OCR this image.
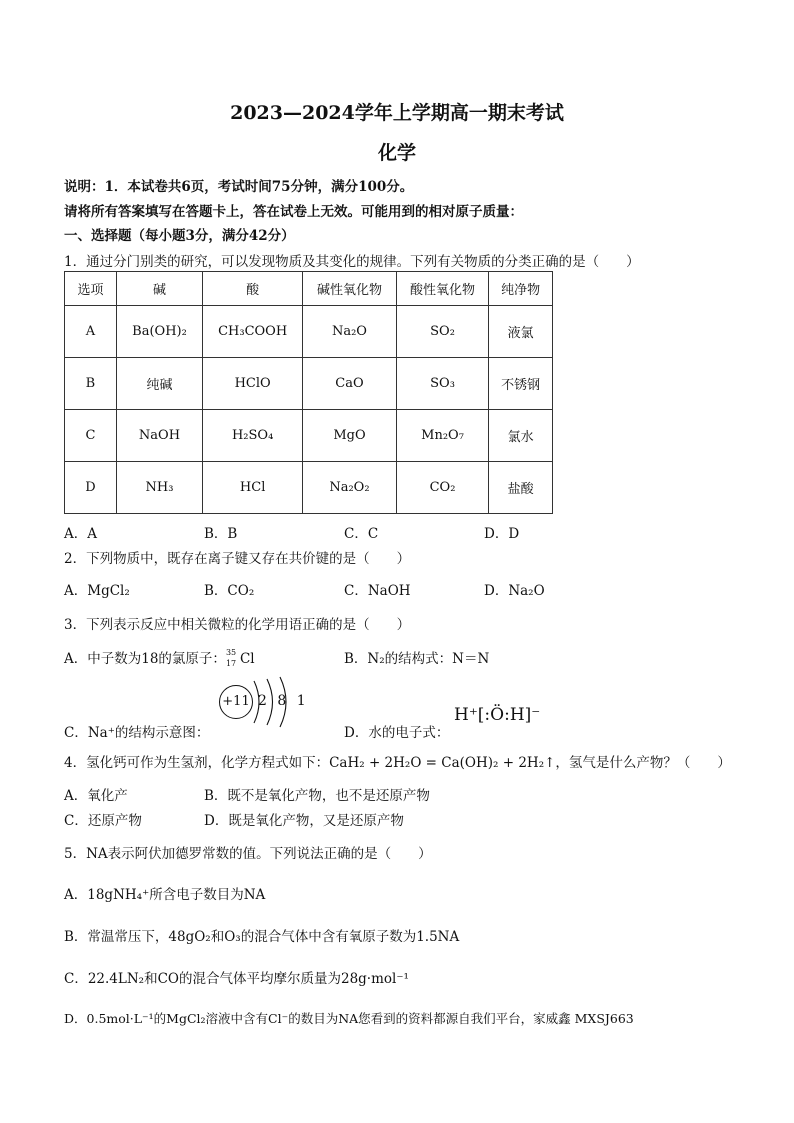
2023—2024学年上学期高一期末考试
化学
说明：1．本试卷共6页，考试时间75分钟，满分100分。
请将所有答案填写在答题卡上，答在试卷上无效。可能用到的相对原子质量：
一、选择题（每小题3分，满分42分）
1．通过分门别类的研究，可以发现物质及其变化的规律。下列有关物质的分类正确的是（　　）
选项	碱	酸	碱性氧化物	酸性氧化物	纯净物
A	Ba(OH)₂	CH₃COOH	Na₂O	SO₂	液氯
B	纯碱	HClO	CaO	SO₃	不锈钢
C	NaOH	H₂SO₄	MgO	Mn₂O₇	氯水
D	NH₃	HCl	Na₂O₂	CO₂	盐酸
A．A	B．B	C．C	D．D
2．下列物质中，既存在离子键又存在共价键的是（　　）
A．MgCl₂	B．CO₂	C．NaOH	D．Na₂O
3．下列表示反应中相关微粒的化学用语正确的是（　　）
A．中子数为18的氯原子： 35
17 Cl	B．N₂的结构式：N＝N
C．Na⁺的结构示意图：
+11 2 8 1
D．水的电子式：
H⁺[:Ö:H]⁻
4．氢化钙可作为生氢剂，化学方程式如下：CaH₂ + 2H₂O = Ca(OH)₂ + 2H₂↑，氢气是什么产物？（　　）
A．氧化产	B．既不是氧化产物，也不是还原产物
C．还原产物	D．既是氧化产物，又是还原产物
5．NA表示阿伏加德罗常数的值。下列说法正确的是（　　）
A．18gNH₄⁺所含电子数目为NA
B．常温常压下，48gO₂和O₃的混合气体中含有氧原子数为1.5NA
C．22.4LN₂和CO的混合气体平均摩尔质量为28g·mol⁻¹
D．0.5mol·L⁻¹的MgCl₂溶液中含有Cl⁻的数目为NA您看到的资料都源自我们平台，家威鑫 MXSJ663
